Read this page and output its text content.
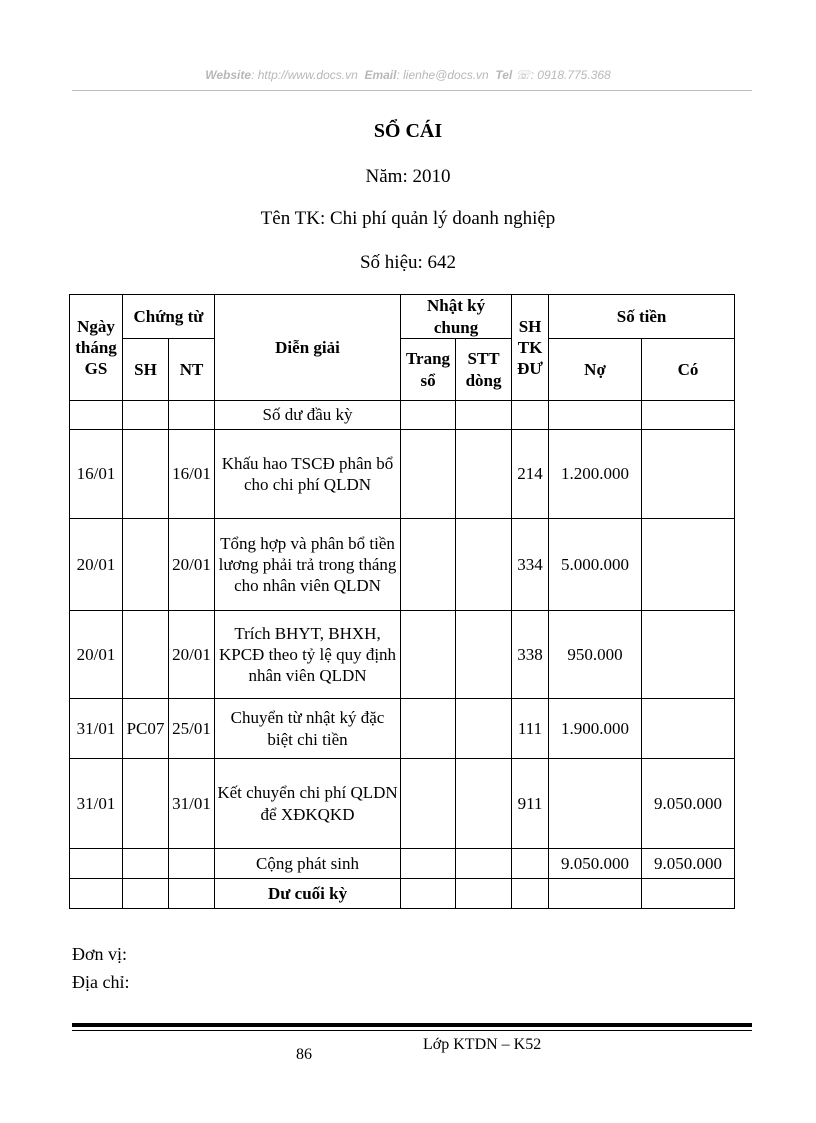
Website: http://www.docs.vn Email: lienhe@docs.vn Tel ☏: 0918.775.368
SỔ CÁI
Năm: 2010
Tên TK: Chi phí quản lý doanh nghiệp
Số hiệu: 642
Ngày tháng GS	Chứng từ		Diễn giải	Nhật ký chung		SH TK ĐƯ	Số tiền	
	SH	NT		Trang sổ	STT dòng		Nợ	Có
			Số dư đầu kỳ					
16/01		16/01	Khấu hao TSCĐ phân bổ cho chi phí QLDN			214	1.200.000	
20/01		20/01	Tổng hợp và phân bổ tiền lương phải trả trong tháng cho nhân viên QLDN			334	5.000.000	
20/01		20/01	Trích BHYT, BHXH, KPCĐ theo tỷ lệ quy định nhân viên QLDN			338	950.000	
31/01	PC07	25/01	Chuyển từ nhật ký đặc biệt chi tiền			111	1.900.000	
31/01		31/01	Kết chuyển chi phí QLDN để XĐKQKD			911		9.050.000
			Cộng phát sinh				9.050.000	9.050.000
			Dư cuối kỳ					
Đơn vị:
Địa chỉ:
86
Lớp KTDN – K52
